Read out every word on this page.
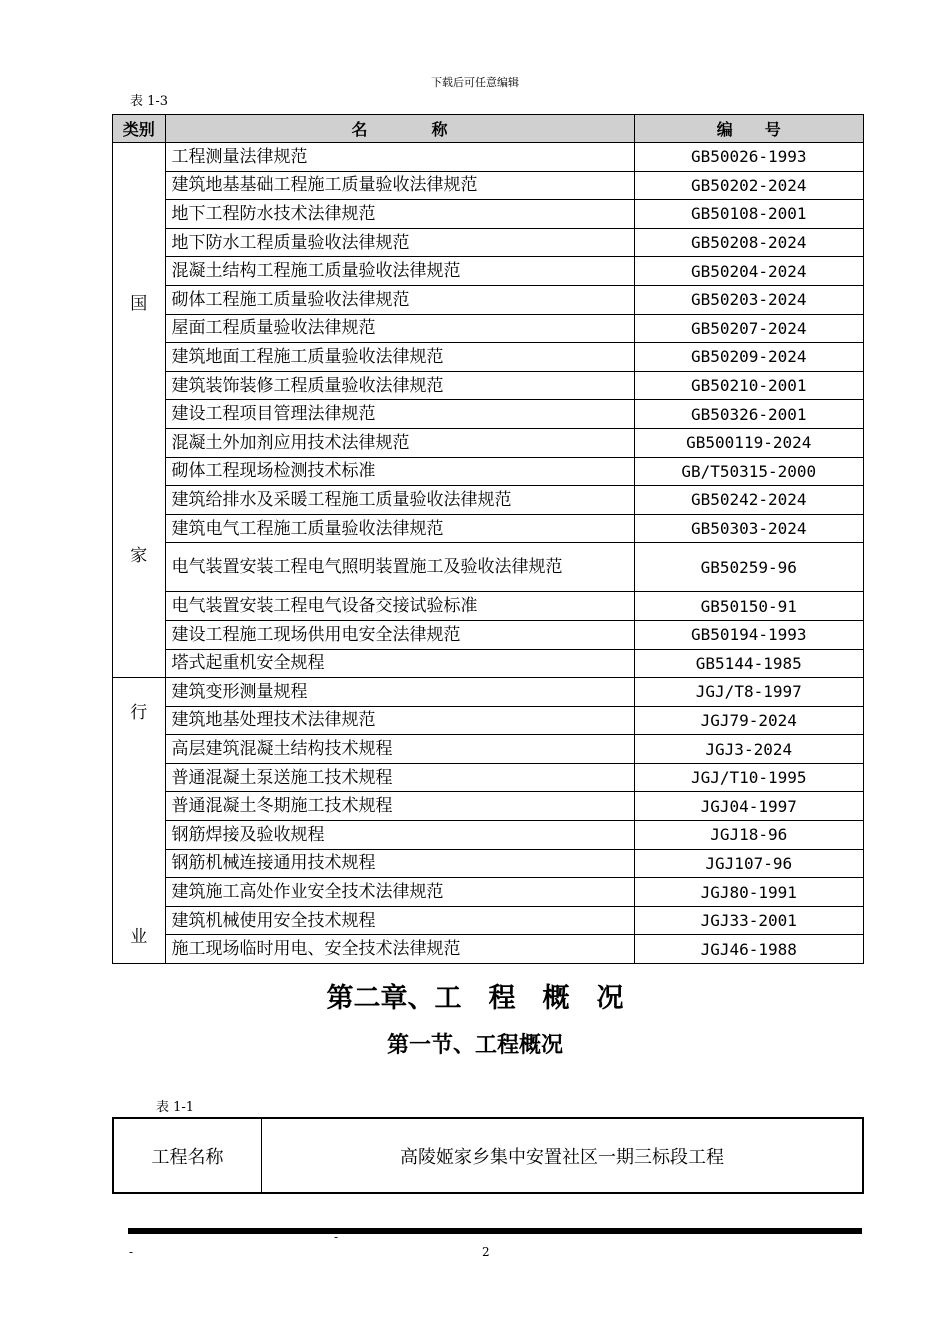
下载后可任意编辑
表 1-3
类别	名　　　　称	编　　号

国
家	工程测量法律规范	GB50026-1993
	建筑地基基础工程施工质量验收法律规范	GB50202-2024
	地下工程防水技术法律规范	GB50108-2001
	地下防水工程质量验收法律规范	GB50208-2024
	混凝土结构工程施工质量验收法律规范	GB50204-2024
	砌体工程施工质量验收法律规范	GB50203-2024
	屋面工程质量验收法律规范	GB50207-2024
	建筑地面工程施工质量验收法律规范	GB50209-2024
	建筑装饰装修工程质量验收法律规范	GB50210-2001
	建设工程项目管理法律规范	GB50326-2001
	混凝土外加剂应用技术法律规范	GB500119-2024
	砌体工程现场检测技术标准	GB/T50315-2000
	建筑给排水及采暖工程施工质量验收法律规范	GB50242-2024
	建筑电气工程施工质量验收法律规范	GB50303-2024
	电气装置安装工程电气照明装置施工及验收法律规范	GB50259-96
	电气装置安装工程电气设备交接试验标准	GB50150-91
	建设工程施工现场供用电安全法律规范	GB50194-1993
	塔式起重机安全规程	GB5144-1985

行
业	建筑变形测量规程	JGJ/T8-1997
	建筑地基处理技术法律规范	JGJ79-2024
	高层建筑混凝土结构技术规程	JGJ3-2024
	普通混凝土泵送施工技术规程	JGJ/T10-1995
	普通混凝土冬期施工技术规程	JGJ04-1997
	钢筋焊接及验收规程	JGJ18-96
	钢筋机械连接通用技术规程	JGJ107-96
	建筑施工高处作业安全技术法律规范	JGJ80-1991
	建筑机械使用安全技术规程	JGJ33-2001
	施工现场临时用电、安全技术法律规范	JGJ46-1988
第二章、工　程　概　况
第一节、工程概况
表 1-1
工程名称	高陵姬家乡集中安置社区一期三标段工程
-
-
2
